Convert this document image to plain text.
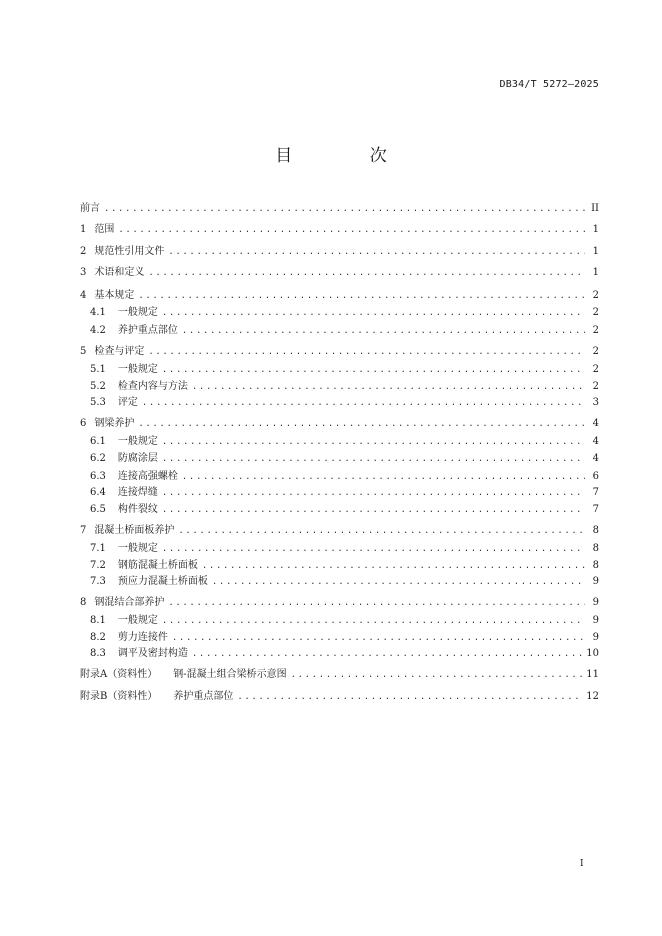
DB34/T 5272—2025
目 次
前言 .....	II
1 范围 .....	1
2 规范性引用文件 .....	1
3 术语和定义 .....	1
4 基本规定 .....	2
4.1	一般规定 .....	2
4.2	养护重点部位 .....	2
5 检查与评定 .....	2
5.1	一般规定 .....	2
5.2	检查内容与方法 .....	2
5.3	评定 .....	3
6 钢梁养护 .....	4
6.1	一般规定 .....	4
6.2	防腐涂层 .....	4
6.3	连接高强螺栓 .....	6
6.4	连接焊缝 .....	7
6.5	构件裂纹 .....	7
7 混凝土桥面板养护 .....	8
7.1	一般规定 .....	8
7.2	钢筋混凝土桥面板 .....	8
7.3	预应力混凝土桥面板 .....	9
8 钢混结合部养护 .....	9
8.1	一般规定 .....	9
8.2	剪力连接件 .....	9
8.3	调平及密封构造 .....	10
附录A（资料性）	钢-混凝土组合梁桥示意图 .....	11
附录B（资料性）	养护重点部位 .....	12
I
